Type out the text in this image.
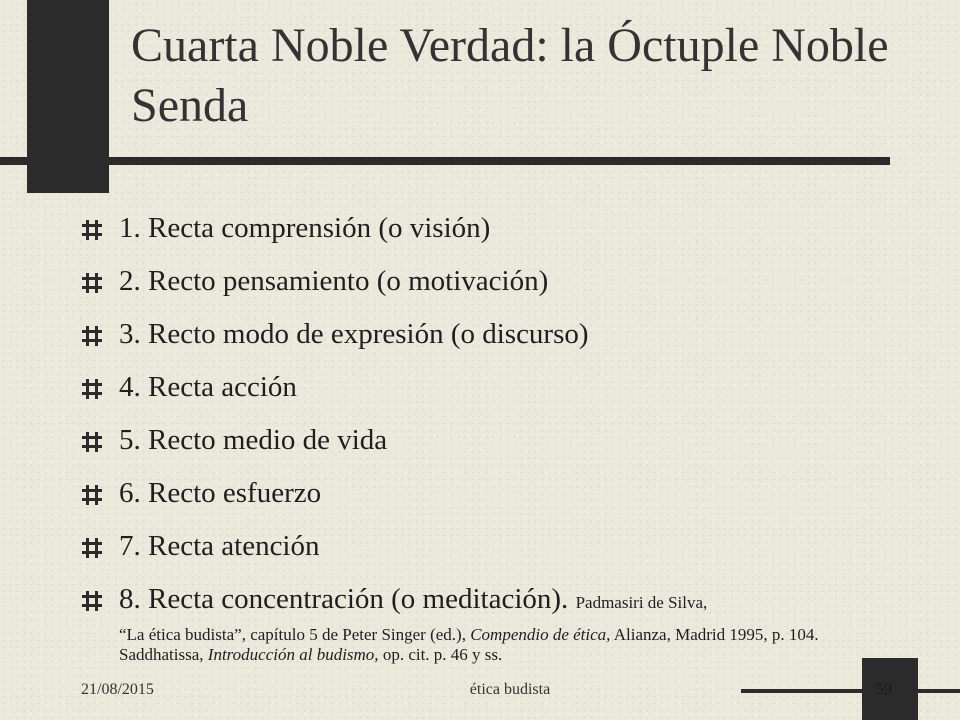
Cuarta Noble Verdad: la Óctuple Noble Senda
1. Recta comprensión (o visión)
2. Recto pensamiento (o motivación)
3. Recto modo de expresión (o discurso)
4. Recta acción
5. Recto medio de vida
6. Recto esfuerzo
7. Recta atención
8. Recta concentración (o meditación). Padmasiri de Silva,
“La ética budista”, capítulo 5 de Peter Singer (ed.), Compendio de ética, Alianza, Madrid 1995, p. 104. Saddhatissa, Introducción al budismo, op. cit. p. 46 y ss.
21/08/2015	ética budista	59
